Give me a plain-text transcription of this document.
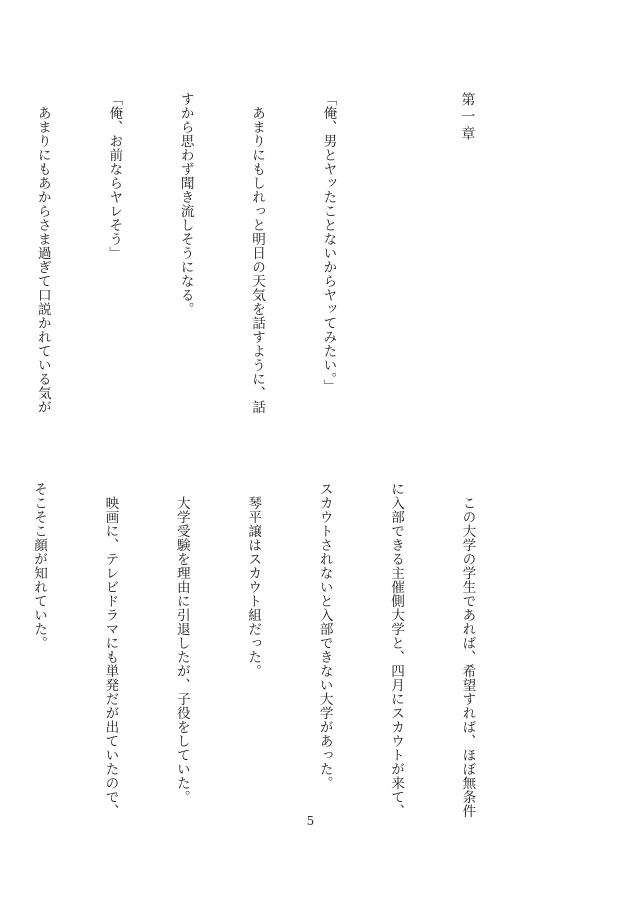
第一章

「俺、男とヤッたことないからヤッてみたい。」

　あまりにもしれっと明日の天気を話すように、話

すから思わず聞き流しそうになる。

「俺、お前ならヤレそう」

　あまりにもあからさま過ぎて口説かれている気が

　この大学の学生であれば、希望すれば、ほぼ無条件

に入部できる主催側大学と、四月にスカウトが来て、

スカウトされないと入部できない大学があった。

　琴平譲はスカウト組だった。

　大学受験を理由に引退したが、子役をしていた。

　映画に、テレビドラマにも単発だが出ていたので、

そこそこ顔が知れていた。

5
